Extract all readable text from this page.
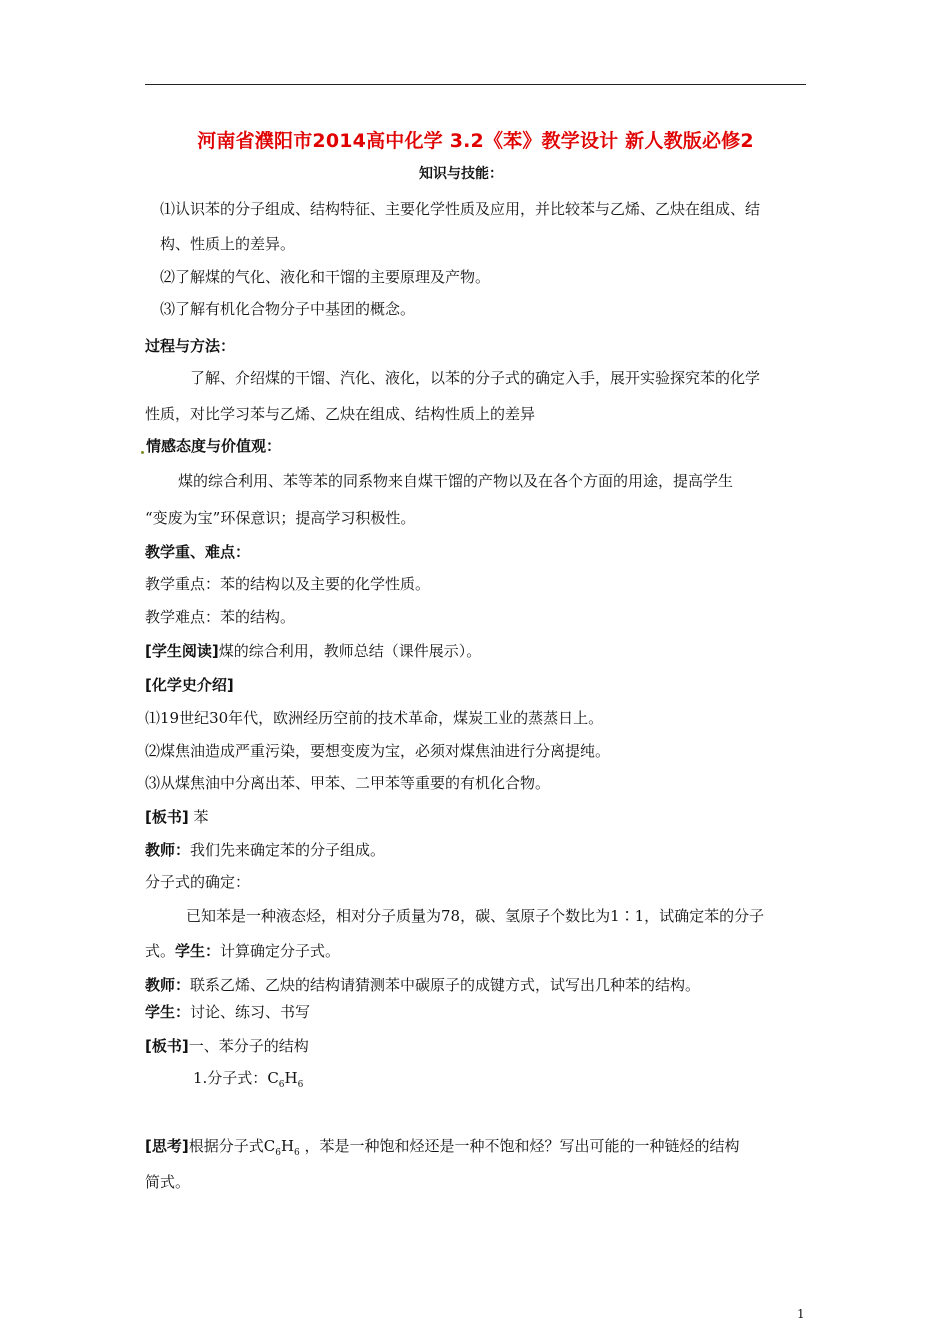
河南省濮阳市2014高中化学 3.2《苯》教学设计 新人教版必修2
知识与技能：
⑴认识苯的分子组成、结构特征、主要化学性质及应用，并比较苯与乙烯、乙炔在组成、结
构、性质上的差异。
⑵了解煤的气化、液化和干馏的主要原理及产物。
⑶了解有机化合物分子中基团的概念。
过程与方法：
了解、介绍煤的干馏、汽化、液化，以苯的分子式的确定入手，展开实验探究苯的化学
性质，对比学习苯与乙烯、乙炔在组成、结构性质上的差异
情感态度与价值观：
煤的综合利用、苯等苯的同系物来自煤干馏的产物以及在各个方面的用途，提高学生
“变废为宝”环保意识；提高学习积极性。
教学重、难点：
教学重点：苯的结构以及主要的化学性质。
教学难点：苯的结构。
[学生阅读]煤的综合利用，教师总结（课件展示）。
[化学史介绍]
⑴19世纪30年代，欧洲经历空前的技术革命，煤炭工业的蒸蒸日上。
⑵煤焦油造成严重污染，要想变废为宝，必须对煤焦油进行分离提纯。
⑶从煤焦油中分离出苯、甲苯、二甲苯等重要的有机化合物。
[板书] 苯
教师：我们先来确定苯的分子组成。
分子式的确定：
已知苯是一种液态烃，相对分子质量为78，碳、氢原子个数比为1∶1，试确定苯的分子
式。学生：计算确定分子式。
教师：联系乙烯、乙炔的结构请猜测苯中碳原子的成键方式，试写出几种苯的结构。
学生：讨论、练习、书写
[板书]一、苯分子的结构
1.分子式：$C_6H_6$
[思考]根据分子式$C_6H_6$ ，苯是一种饱和烃还是一种不饱和烃？写出可能的一种链烃的结构
简式。
1
